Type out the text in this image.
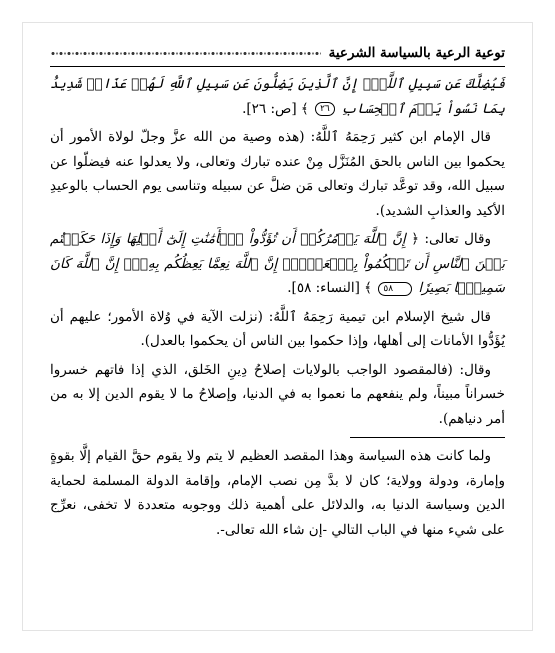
توعية الرعية بالسياسة الشرعية

فَيُضِلَّكَ عَن سَبِيلِ ٱللَّهِۚ إِنَّ ٱلَّذِينَ يَضِلُّونَ عَن سَبِيلِ ٱللَّهِ لَهُمۡ عَذَابٞ شَدِيدُۢ بِمَا نَسُواْ يَوۡمَ ٱلۡحِسَابِ ٢٦ ﴾ [ص: ٢٦].

قال الإمام ابن كثير رَحِمَهُ ٱللَّهُ: (هذه وصية من الله عزَّ وجلّ لولاة الأمور أن يحكموا بين الناس بالحق المُنَزَّل مِنْ عنده تبارك وتعالى، ولا يعدلوا عنه فيضلّوا عن سبيل الله، وقد توعَّد تبارك وتعالى مَن ضلَّ عن سبيله وتناسى يوم الحساب بالوعيدِ الأكيد والعذابِ الشديد).

وقال تعالى: ﴿ إِنَّ ٱللَّهَ يَأۡمُرُكُمۡ أَن تُؤَدُّواْ ٱلۡأَمَٰنَٰتِ إِلَىٰٓ أَهۡلِهَا وَإِذَا حَكَمۡتُم بَيۡنَ ٱلنَّاسِ أَن تَحۡكُمُواْ بِٱلۡعَدۡلِۚ إِنَّ ٱللَّهَ نِعِمَّا يَعِظُكُم بِهِۦٓۗ إِنَّ ٱللَّهَ كَانَ سَمِيعَۢا بَصِيرٗا ٥٨ ﴾ [النساء: ٥٨].

قال شيخ الإسلام ابن تيمية رَحِمَهُ ٱللَّهُ: (نزلت الآية في وُلاة الأمور؛ عليهم أن يُؤَدُّوا الأمانات إلى أهلها، وإذا حكموا بين الناس أن يحكموا بالعدل).

وقال: (فالمقصود الواجب بالولايات إصلاحُ دِينِ الخَلق، الذي إذا فاتهم خسروا خسراناً مبيناً، ولم ينفعهم ما نعموا به في الدنيا، وإصلاحُ ما لا يقوم الدين إلا به من أمر دنياهم).

ولما كانت هذه السياسة وهذا المقصد العظيم لا يتم ولا يقوم حقَّ القيام إلَّا بقوةٍ وإمارة، ودولة وولاية؛ كان لا بدَّ مِن نصب الإمام، وإقامة الدولة المسلمة لحماية الدين وسياسة الدنيا به، والدلائل على أهمية ذلك ووجوبه متعددة لا تخفى، نعرِّج على شيء منها في الباب التالي -إن شاء الله تعالى-.
